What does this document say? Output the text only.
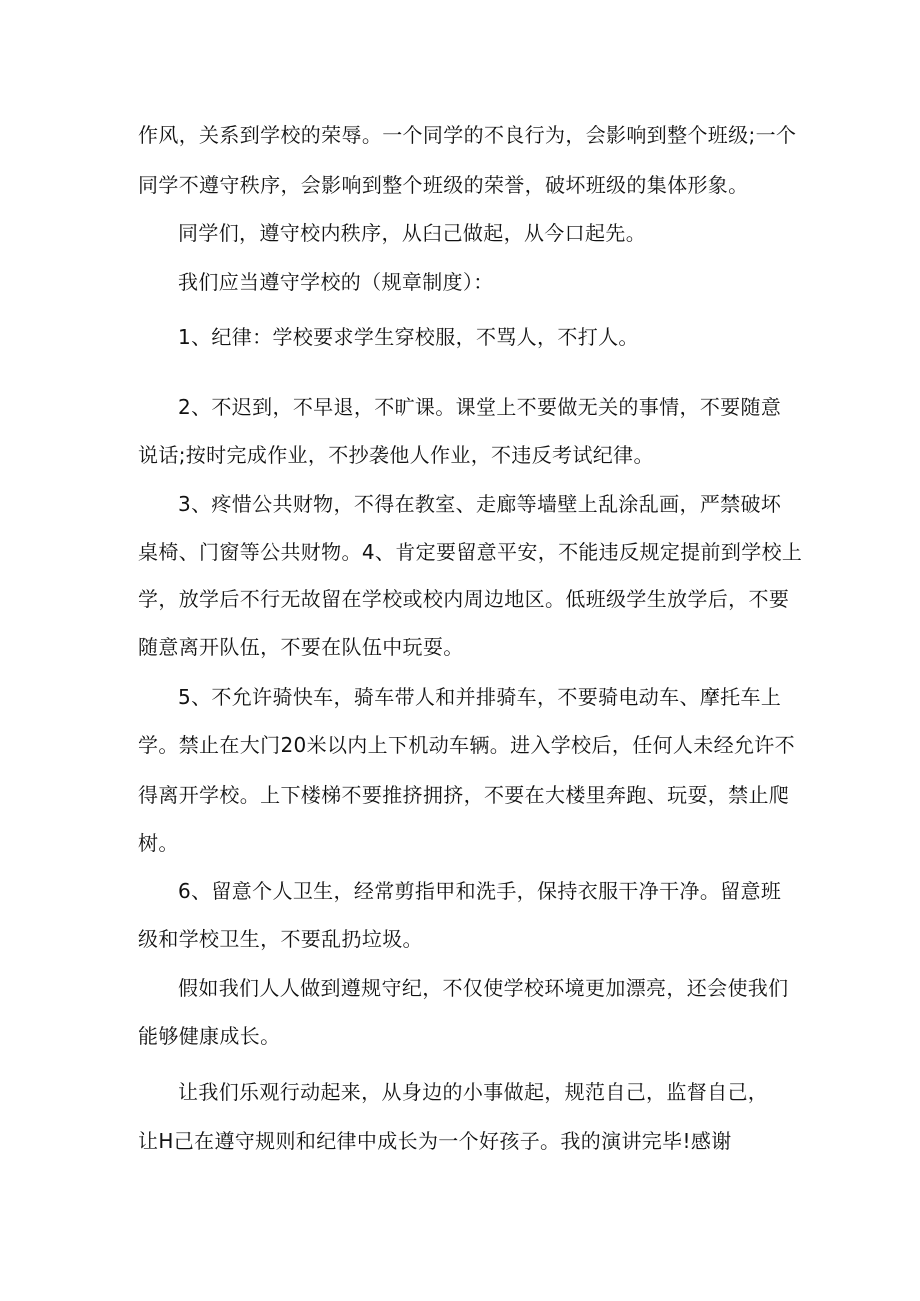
作风，关系到学校的荣辱。一个同学的不良行为，会影响到整个班级;一个
同学不遵守秩序，会影响到整个班级的荣誉，破坏班级的集体形象。
同学们，遵守校内秩序，从臼己做起，从今口起先。
我们应当遵守学校的（规章制度）：
1、纪律：学校要求学生穿校服，不骂人，不打人。
2、不迟到，不早退，不旷课。课堂上不要做无关的事情，不要随意
说话;按时完成作业，不抄袭他人作业，不违反考试纪律。
3、疼惜公共财物，不得在教室、走廊等墙壁上乱涂乱画，严禁破坏
桌椅、门窗等公共财物。4、肯定要留意平安，不能违反规定提前到学校上
学，放学后不行无故留在学校或校内周边地区。低班级学生放学后，不要
随意离开队伍，不要在队伍中玩耍。
5、不允许骑快车，骑车带人和并排骑车，不要骑电动车、摩托车上
学。禁止在大门20米以内上下机动车辆。进入学校后，任何人未经允许不
得离开学校。上下楼梯不要推挤拥挤，不要在大楼里奔跑、玩耍，禁止爬
树。
6、留意个人卫生，经常剪指甲和洗手，保持衣服干净干净。留意班
级和学校卫生，不要乱扔垃圾。
假如我们人人做到遵规守纪，不仅使学校环境更加漂亮，还会使我们
能够健康成长。
让我们乐观行动起来，从身边的小事做起，规范自己，监督自己，
让H己在遵守规则和纪律中成长为一个好孩子。我的演讲完毕!感谢
